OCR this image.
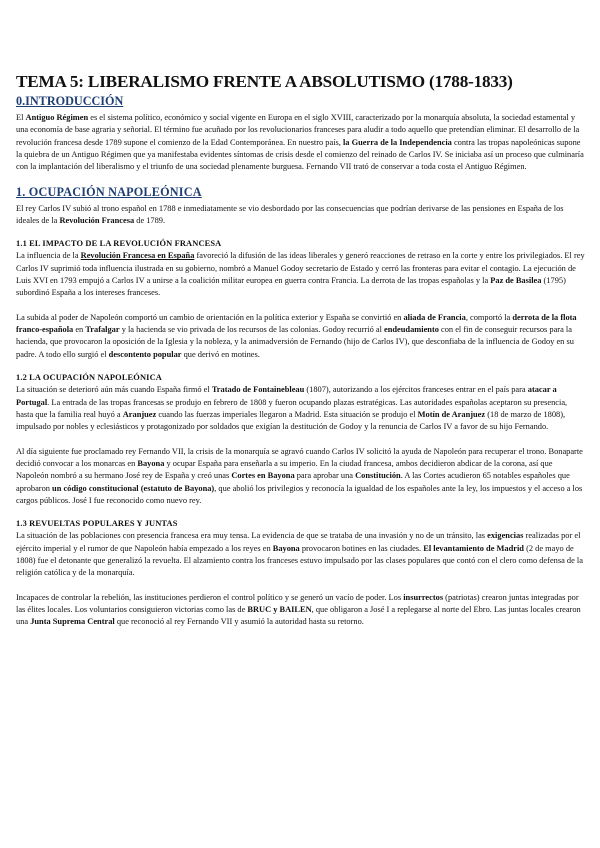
TEMA 5: LIBERALISMO FRENTE A ABSOLUTISMO (1788-1833)
0.INTRODUCCIÓN

El Antiguo Régimen es el sistema político, económico y social vigente en Europa en el siglo XVIII, caracterizado por la monarquía absoluta, la sociedad estamental y una economía de base agraria y señorial. El término fue acuñado por los revolucionarios franceses para aludir a todo aquello que pretendían eliminar. El desarrollo de la revolución francesa desde 1789 supone el comienzo de la Edad Contemporánea. En nuestro país, la Guerra de la Independencia contra las tropas napoleónicas supone la quiebra de un Antiguo Régimen que ya manifestaba evidentes síntomas de crisis desde el comienzo del reinado de Carlos IV. Se iniciaba así un proceso que culminaría con la implantación del liberalismo y el triunfo de una sociedad plenamente burguesa. Fernando VII trató de conservar a toda costa el Antiguo Régimen.

1. OCUPACIÓN NAPOLEÓNICA

El rey Carlos IV subió al trono español en 1788 e inmediatamente se vio desbordado por las consecuencias que podrían derivarse de las pensiones en España de los ideales de la Revolución Francesa de 1789.

1.1 EL IMPACTO DE LA REVOLUCIÓN FRANCESA

La influencia de la Revolución Francesa en España favoreció la difusión de las ideas liberales y generó reacciones de retraso en la corte y entre los privilegiados. El rey Carlos IV suprimió toda influencia ilustrada en su gobierno, nombró a Manuel Godoy secretario de Estado y cerró las fronteras para evitar el contagio. La ejecución de Luis XVI en 1793 empujó a Carlos IV a unirse a la coalición militar europea en guerra contra Francia. La derrota de las tropas españolas y la Paz de Basilea (1795) subordinó España a los intereses franceses.

La subida al poder de Napoleón comportó un cambio de orientación en la política exterior y España se convirtió en aliada de Francia, comportó la derrota de la flota franco-española en Trafalgar y la hacienda se vio privada de los recursos de las colonias. Godoy recurrió al endeudamiento con el fin de conseguir recursos para la hacienda, que provocaron la oposición de la Iglesia y la nobleza, y la animadversión de Fernando (hijo de Carlos IV), que desconfiaba de la influencia de Godoy en su padre. A todo ello surgió el descontento popular que derivó en motines.

1.2 LA OCUPACIÓN NAPOLEÓNICA

La situación se deterioró aún más cuando España firmó el Tratado de Fontainebleau (1807), autorizando a los ejércitos franceses entrar en el país para atacar a Portugal. La entrada de las tropas francesas se produjo en febrero de 1808 y fueron ocupando plazas estratégicas. Las autoridades españolas aceptaron su presencia, hasta que la familia real huyó a Aranjuez cuando las fuerzas imperiales llegaron a Madrid. Esta situación se produjo el Motín de Aranjuez (18 de marzo de 1808), impulsado por nobles y eclesiásticos y protagonizado por soldados que exigían la destitución de Godoy y la renuncia de Carlos IV a favor de su hijo Fernando.

Al día siguiente fue proclamado rey Fernando VII, la crisis de la monarquía se agravó cuando Carlos IV solicitó la ayuda de Napoleón para recuperar el trono. Bonaparte decidió convocar a los monarcas en Bayona y ocupar España para enseñarla a su imperio. En la ciudad francesa, ambos decidieron abdicar de la corona, así que Napoleón nombró a su hermano José rey de España y creó unas Cortes en Bayona para aprobar una Constitución. A las Cortes acudieron 65 notables españoles que aprobaron un código constitucional (estatuto de Bayona), que abolió los privilegios y reconocía la igualdad de los españoles ante la ley, los impuestos y el acceso a los cargos públicos. José I fue reconocido como nuevo rey.

1.3 REVUELTAS POPULARES Y JUNTAS

La situación de las poblaciones con presencia francesa era muy tensa. La evidencia de que se trataba de una invasión y no de un tránsito, las exigencias realizadas por el ejército imperial y el rumor de que Napoleón había empezado a los reyes en Bayona provocaron botines en las ciudades. El levantamiento de Madrid (2 de mayo de 1808) fue el detonante que generalizó la revuelta. El alzamiento contra los franceses estuvo impulsado por las clases populares que contó con el clero como defensa de la religión católica y de la monarquía.

Incapaces de controlar la rebelión, las instituciones perdieron el control político y se generó un vacío de poder. Los insurrectos (patriotas) crearon juntas integradas por las élites locales. Los voluntarios consiguieron victorias como las de BRUC y BAILEN, que obligaron a José I a replegarse al norte del Ebro. Las juntas locales crearon una Junta Suprema Central que reconoció al rey Fernando VII y asumió la autoridad hasta su retorno.
